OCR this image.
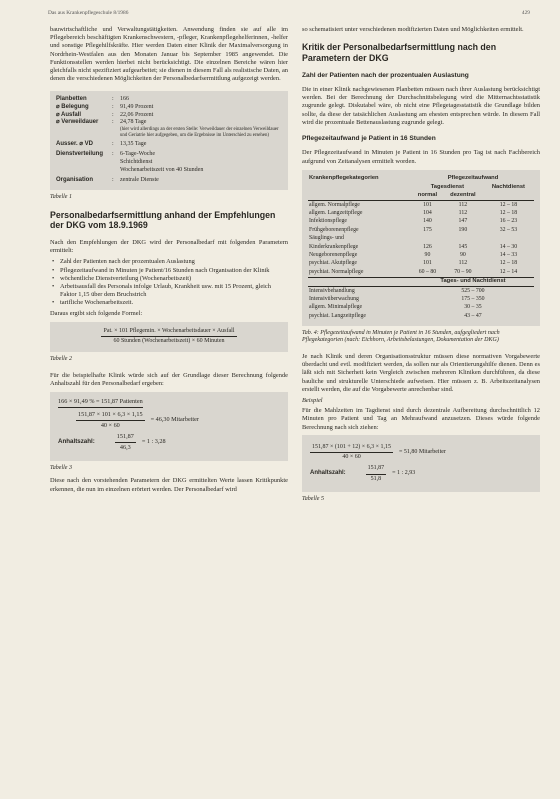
Das aus Krankenpflegeschule 8/1986	429

bauwirtschaftliche und Verwaltungstätigkeiten. Anwendung finden sie auf alle im Pflegebereich beschäftigten Krankenschwestern, -pfleger, Krankenpflegehelferinnen, -helfer und sonstige Pflegehilfskräfte. Hier werden Daten einer Klinik der Maximalversorgung in Nordrhein-Westfalen aus den Monaten Januar bis September 1985 angewendet. Die Funktionsstellen werden hierbei nicht berücksichtigt. Die einzelnen Bereiche wären hier gleichfalls nicht spezifiziert aufgearbeitet; sie dienen in diesem Fall als realistische Daten, an denen die verschiedenen Möglichkeiten der Personalbedarfsermittlung aufgezeigt werden.

Planbetten	:	166
⌀ Belegung	:	91,49 Prozent
⌀ Ausfall	:	22,06 Prozent
⌀ Verweildauer	:	24,78 Tage
(hier wird allerdings an der ersten Stelle: Verweildauer der einzelnen Verweildauer und Geriatrie hier aufgegeben, um die Ergebnisse im Unterschied zu ersehen)
Ausser. ⌀ VD	:	13,35 Tage
Dienstverteilung	:	6-Tage-Woche
Schichtdienst
Wochenarbeitszeit von 40 Stunden
Organisation	:	zentrale Dienste
Tabelle 1
Personalbedarfsermittlung anhand der Empfehlungen der DKG vom 18.9.1969

Nach den Empfehlungen der DKG wird der Personalbedarf mit folgenden Parametern ermittelt:

• Zahl der Patienten nach der prozentualen Auslastung
• Pflegezeitaufwand in Minuten je Patient/16 Stunden nach Organisation der Klinik
• wöchentliche Dienstverteilung (Wochenarbeitszeit)
• Arbeitsausfall des Personals infolge Urlaub, Krankheit usw. mit 15 Prozent, gleich Faktor 1,15 über dem Bruchstrich
• tarifliche Wochenarbeitszeit.

Daraus ergibt sich folgende Formel:

Pat. × 101 Pflegemin. × Wochenarbeitsdauer × Ausfall
60 Stunden (Wochenarbeitszeit) × 60 Minuten
Tabelle 2

Für die beispielhafte Klinik würde sich auf der Grundlage dieser Berechnung folgende Anhaltszahl für den Personalbedarf ergeben:

166 × 91,49 % = 151,87 Patienten
$\frac{151,87 \times 101 \times 6,3 \times 1,15}{40 \times 60} = 46,30$ Mitarbeiter
Anhaltszahl:	$\frac{151,87}{46,3} = 1$ : 3,28
Tabelle 3

Diese nach den vorstehenden Parametern der DKG ermittelten Werte lassen Kritikpunkte erkennen, die nun im einzelnen erörtert werden. Der Personalbedarf wird

so schematisiert unter verschiedenen modifizierten Daten und Möglichkeiten ermittelt.

Kritik der Personalbedarfsermittlung nach den Parametern der DKG
Zahl der Patienten nach der prozentualen Auslastung

Die in einer Klinik nachgewiesenen Planbetten müssen nach ihrer Auslastung berücksichtigt werden. Bei der Berechnung der Durchschnittsbelegung wird die Mitternachtsstatistik zugrunde gelegt. Diskutabel wäre, ob nicht eine Pflegetagesstatistik die Grundlage bilden sollte, da diese der tatsächlichen Auslastung am ehesten entsprechen würde. In diesem Fall wird die prozentuale Bettenauslastung zugrunde gelegt.

Pflegezeitaufwand je Patient in 16 Stunden

Der Pflegezeitaufwand in Minuten je Patient in 16 Stunden pro Tag ist nach Fachbereich aufgrund von Zeitanalysen ermittelt worden.

Krankenpflegekategorien	Pflegezeitaufwand		
	Tagesdienst		Nachtdienst
	normal	dezentral	
allgem. Normalpflege	101	112	12 – 18
allgem. Langzeitpflege	104	112	12 – 18
Infektionspflege	140	147	16 – 23
Frühgeborenenpflege	175	190	32 – 53
Säuglings- und			
Kinderkrankenpflege	126	145	14 – 30
Neugeborenenpflege	90	90	14 – 33
psychiat. Akutpflege	101	112	12 – 18
psychiat. Normalpflege	60 – 80	70 – 90	12 – 14
	Tages- und Nachtdienst		
Intensivbehandlung	525 – 700		
Intensivüberwachung	175 – 350		
allgem. Minimalpflege	30 – 35		
psychiat. Langzeitpflege	43 – 47		
Tab. 4: Pflegezeitaufwand in Minuten je Patient in 16 Stunden, aufgegliedert nach Pflegekategorien (nach: Eichhorn, Arbeitsbelastungen, Dokumentation der DKG)

Je nach Klinik und deren Organisationsstruktur müssen diese normativen Vorgabewerte überdacht und evtl. modifiziert werden, da sollen nur als Orientierungshilfe dienen. Denn es läßt sich mit Sicherheit kein Vergleich zwischen mehreren Kliniken durchführen, da diese bauliche und strukturelle Unterschiede aufweisen. Hier müssen z. B. Arbeitszeitanalysen erstellt werden, die auf die Vorgabewerte anrechenbar sind.

Beispiel

Für die Mahlzeiten im Tagdienst sind durch dezentrale Aufbereitung durchschnittlich 12 Minuten pro Patient und Tag an Mehraufwand anzusetzen. Dieses würde folgende Berechnung nach sich ziehen:

$\frac{151,87 \times (101 + 12) \times 6,3 \times 1,15}{40 \times 60} = 51,80$ Mitarbeiter
Anhaltszahl:	$\frac{151,87}{51,8} = 1$ : 2,93
Tabelle 5
